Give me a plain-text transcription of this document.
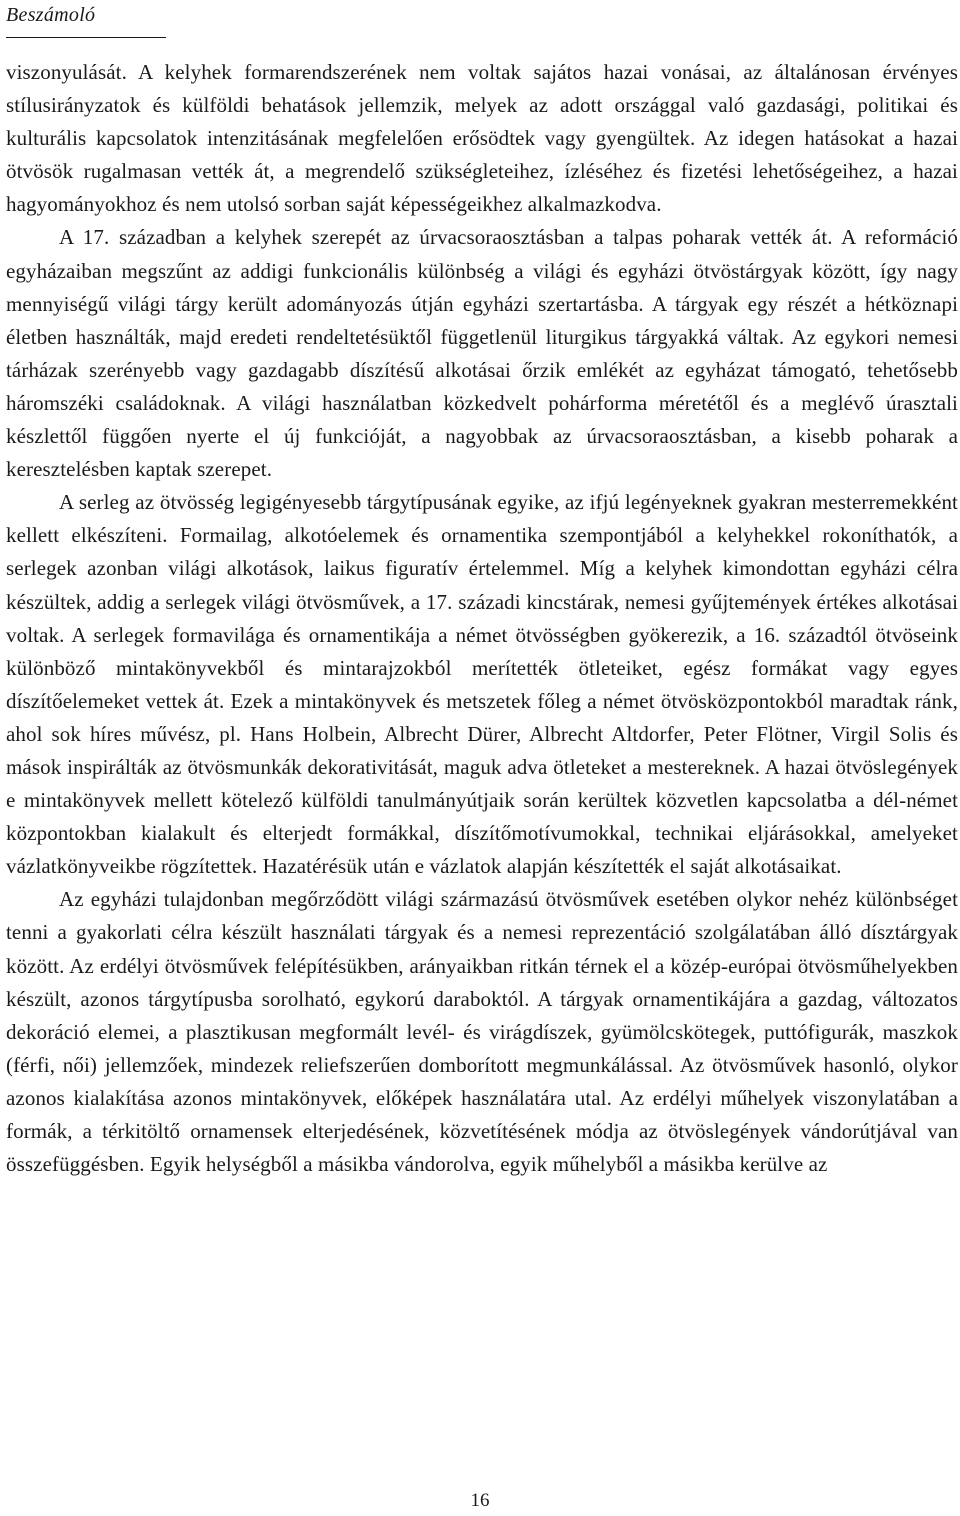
Beszámoló

viszonyulását. A kelyhek formarendszerének nem voltak sajátos hazai vonásai, az általánosan érvényes stílusirányzatok és külföldi behatások jellemzik, melyek az adott országgal való gazdasági, politikai és kulturális kapcsolatok intenzitásának megfelelően erősödtek vagy gyengültek. Az idegen hatásokat a hazai ötvösök rugalmasan vették át, a megrendelő szükségleteihez, ízléséhez és fizetési lehetőségeihez, a hazai hagyományokhoz és nem utolsó sorban saját képességeikhez alkalmazkodva.

A 17. században a kelyhek szerepét az úrvacsoraosztásban a talpas poharak vették át. A reformáció egyházaiban megszűnt az addigi funkcionális különbség a világi és egyházi ötvöstárgyak között, így nagy mennyiségű világi tárgy került adományozás útján egyházi szertartásba. A tárgyak egy részét a hétköznapi életben használták, majd eredeti rendeltetésüktől függetlenül liturgikus tárgyakká váltak. Az egykori nemesi tárházak szerényebb vagy gazdagabb díszítésű alkotásai őrzik emlékét az egyházat támogató, tehetősebb háromszéki családoknak. A világi használatban közkedvelt pohárforma méretétől és a meglévő úrasztali készlettől függően nyerte el új funkcióját, a nagyobbak az úrvacsoraosztásban, a kisebb poharak a keresztelésben kaptak szerepet.

A serleg az ötvösség legigényesebb tárgytípusának egyike, az ifjú legényeknek gyakran mesterremekként kellett elkészíteni. Formailag, alkotóelemek és ornamentika szempontjából a kelyhekkel rokoníthatók, a serlegek azonban világi alkotások, laikus figuratív értelemmel. Míg a kelyhek kimondottan egyházi célra készültek, addig a serlegek világi ötvösművek, a 17. századi kincstárak, nemesi gyűjtemények értékes alkotásai voltak. A serlegek formavilága és ornamentikája a német ötvösségben gyökerezik, a 16. századtól ötvöseink különböző mintakönyvekből és mintarajzokból merítették ötleteiket, egész formákat vagy egyes díszítőelemeket vettek át. Ezek a mintakönyvek és metszetek főleg a német ötvösközpontokból maradtak ránk, ahol sok híres művész, pl. Hans Holbein, Albrecht Dürer, Albrecht Altdorfer, Peter Flötner, Virgil Solis és mások inspirálták az ötvösmunkák dekorativitását, maguk adva ötleteket a mestereknek. A hazai ötvöslegények e mintakönyvek mellett kötelező külföldi tanulmányútjaik során kerültek közvetlen kapcsolatba a dél-német központokban kialakult és elterjedt formákkal, díszítőmotívumokkal, technikai eljárásokkal, amelyeket vázlatkönyveikbe rögzítettek. Hazatérésük után e vázlatok alapján készítették el saját alkotásaikat.

Az egyházi tulajdonban megőrződött világi származású ötvösművek esetében olykor nehéz különbséget tenni a gyakorlati célra készült használati tárgyak és a nemesi reprezentáció szolgálatában álló dísztárgyak között. Az erdélyi ötvösművek felépítésükben, arányaikban ritkán térnek el a közép-európai ötvösműhelyekben készült, azonos tárgytípusba sorolható, egykorú daraboktól. A tárgyak ornamentikájára a gazdag, változatos dekoráció elemei, a plasztikusan megformált levél- és virágdíszek, gyümölcskötegek, puttófigurák, maszkok (férfi, női) jellemzőek, mindezek reliefszerűen domborított megmunkálással. Az ötvösművek hasonló, olykor azonos kialakítása azonos mintakönyvek, előképek használatára utal. Az erdélyi műhelyek viszonylatában a formák, a térkitöltő ornamensek elterjedésének, közvetítésének módja az ötvöslegények vándorútjával van összefüggésben. Egyik helységből a másikba vándorolva, egyik műhelyből a másikba kerülve az

16
